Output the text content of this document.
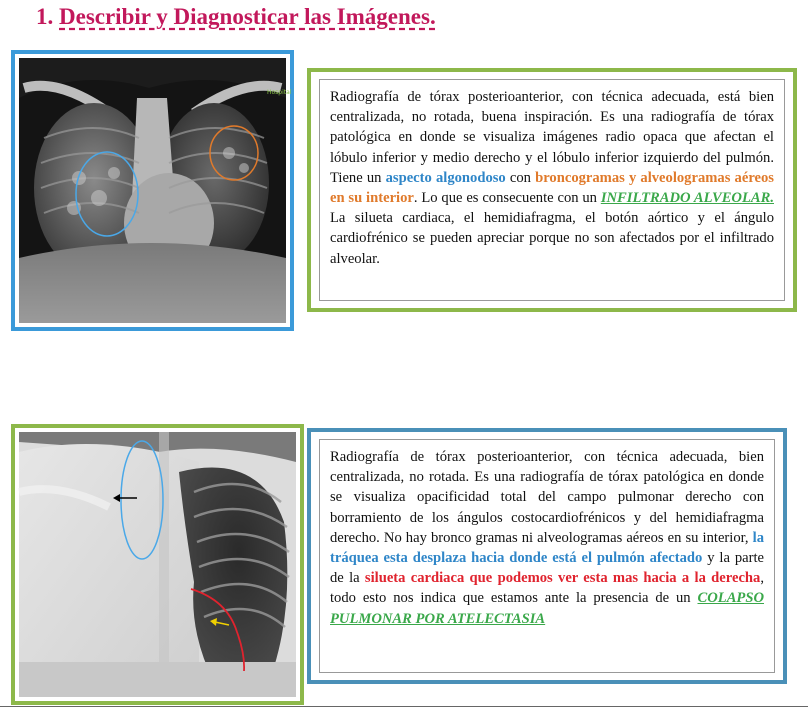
1. Describir y Diagnosticar las Imágenes.
Hospital	Radiografía de tórax posterioanterior, con técnica adecuada, está bien centralizada, no rotada, buena inspiración. Es una radiografía de tórax patológica en donde se visualiza imágenes radio opaca que afectan el lóbulo inferior y medio derecho y el lóbulo inferior izquierdo del pulmón. Tiene un aspecto algonodoso con broncogramas y alveologramas aéreos en su interior. Lo que es consecuente con un INFILTRADO ALVEOLAR. La silueta cardiaca, el hemidiafragma, el botón aórtico y el ángulo cardiofrénico se pueden apreciar porque no son afectados por el infiltrado alveolar.
Radiografía de tórax posterioanterior, con técnica adecuada, bien centralizada, no rotada. Es una radiografía de tórax patológica en donde se visualiza opacificidad total del campo pulmonar derecho con borramiento de los ángulos costocardiofrénicos y del hemidiafragma derecho. No hay bronco gramas ni alveologramas aéreos en su interior, la tráquea esta desplaza hacia donde está el pulmón afectado y la parte de la silueta cardiaca que podemos ver esta mas hacia a la derecha, todo esto nos indica que estamos ante la presencia de un COLAPSO PULMONAR POR ATELECTASIA
